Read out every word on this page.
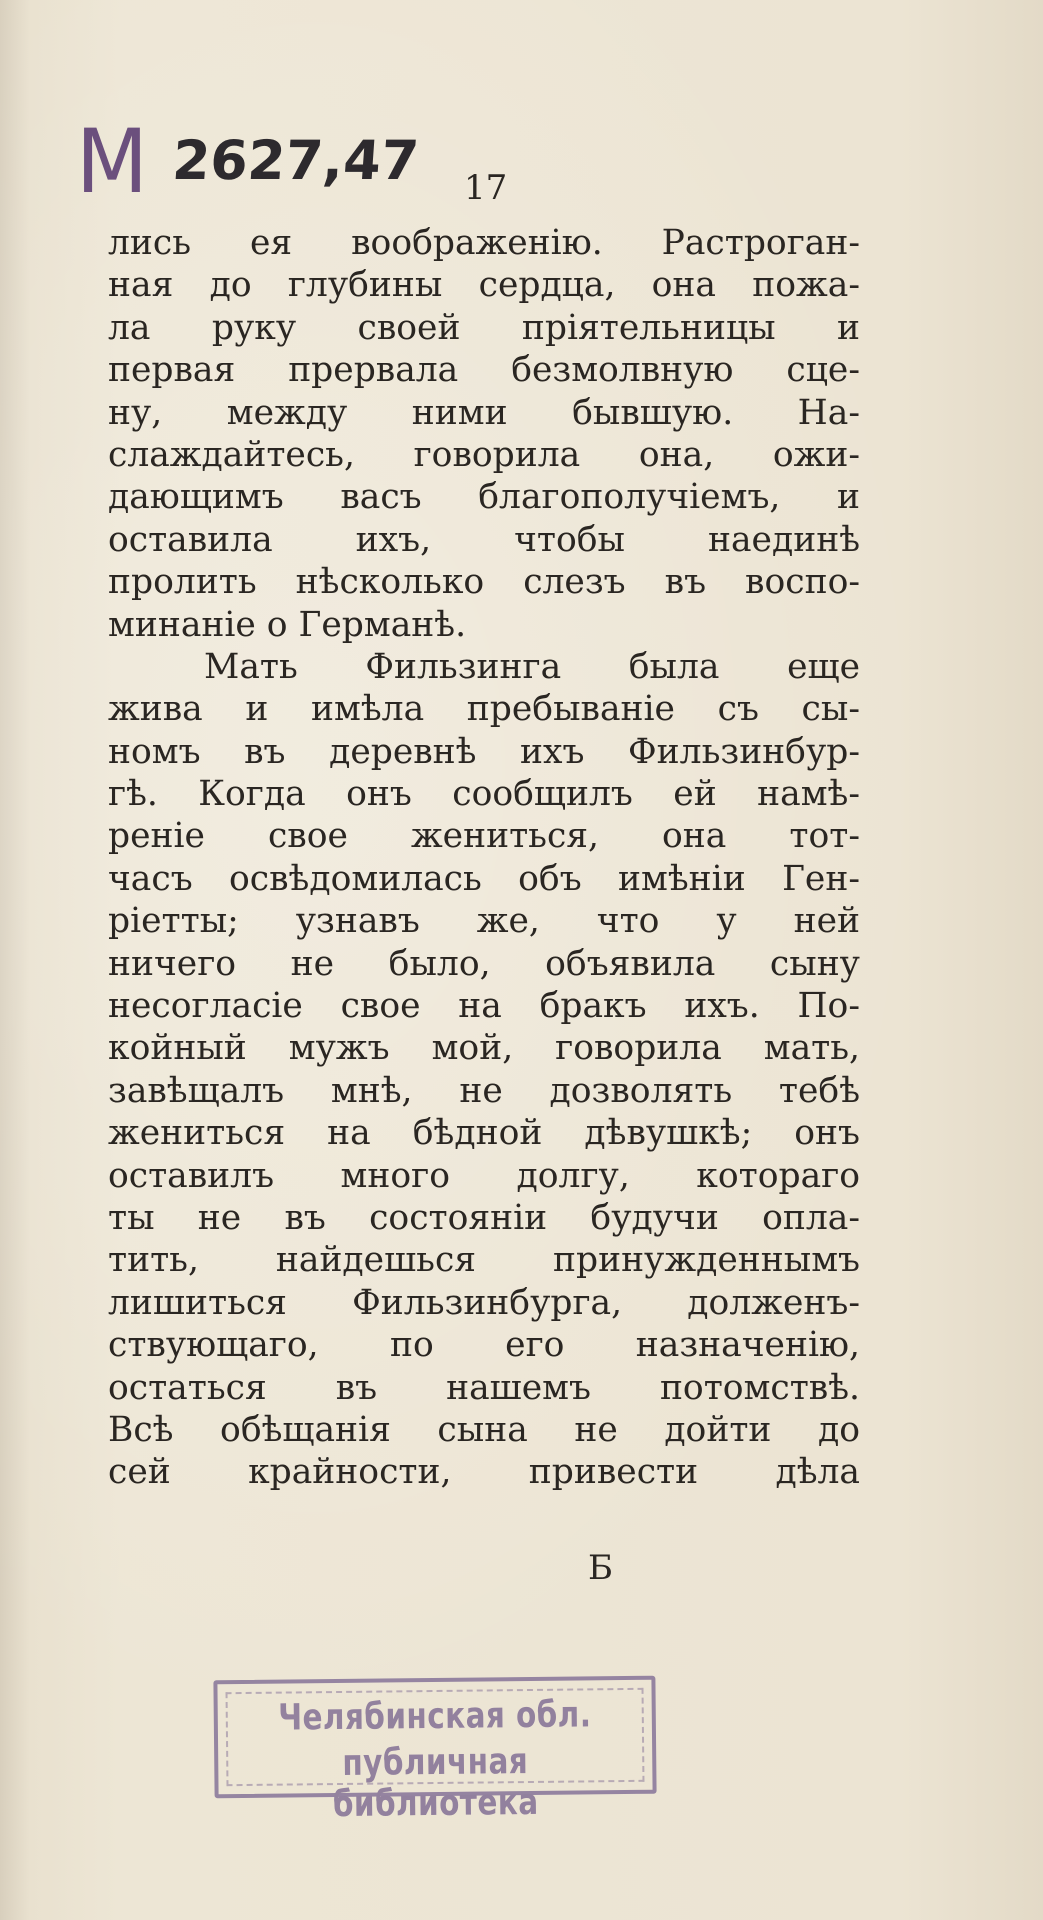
М 2627,47 17
лись ея воображенію. Растроган-
ная до глубины сердца, она пожа-
ла руку своей пріятельницы и
первая прервала безмолвную сце-
ну, между ними бывшую. На-
слаждайтесь, говорила она, ожи-
дающимъ васъ благополучіемъ, и
оставила ихъ, чтобы наединѣ
пролить нѣсколько слезъ въ воспо-
минаніе о Германѣ.
Мать Фильзинга была еще
жива и имѣла пребываніе съ сы-
номъ въ деревнѣ ихъ Фильзинбур-
гѣ. Когда онъ сообщилъ ей намѣ-
реніе свое жениться, она тот-
часъ освѣдомилась объ имѣніи Ген-
ріетты; узнавъ же, что у ней
ничего не было, объявила сыну
несогласіе свое на бракъ ихъ. По-
койный мужъ мой, говорила мать,
завѣщалъ мнѣ, не дозволять тебѣ
жениться на бѣдной дѣвушкѣ; онъ
оставилъ много долгу, котораго
ты не въ состояніи будучи опла-
тить, найдешься принужденнымъ
лишиться Фильзинбурга, долженъ-
ствующаго, по его назначенію,
остаться въ нашемъ потомствѣ.
Всѣ обѣщанія сына не дойти до
сей крайности, привести дѣла
Б
Челябинская обл.
публичная библиотека
